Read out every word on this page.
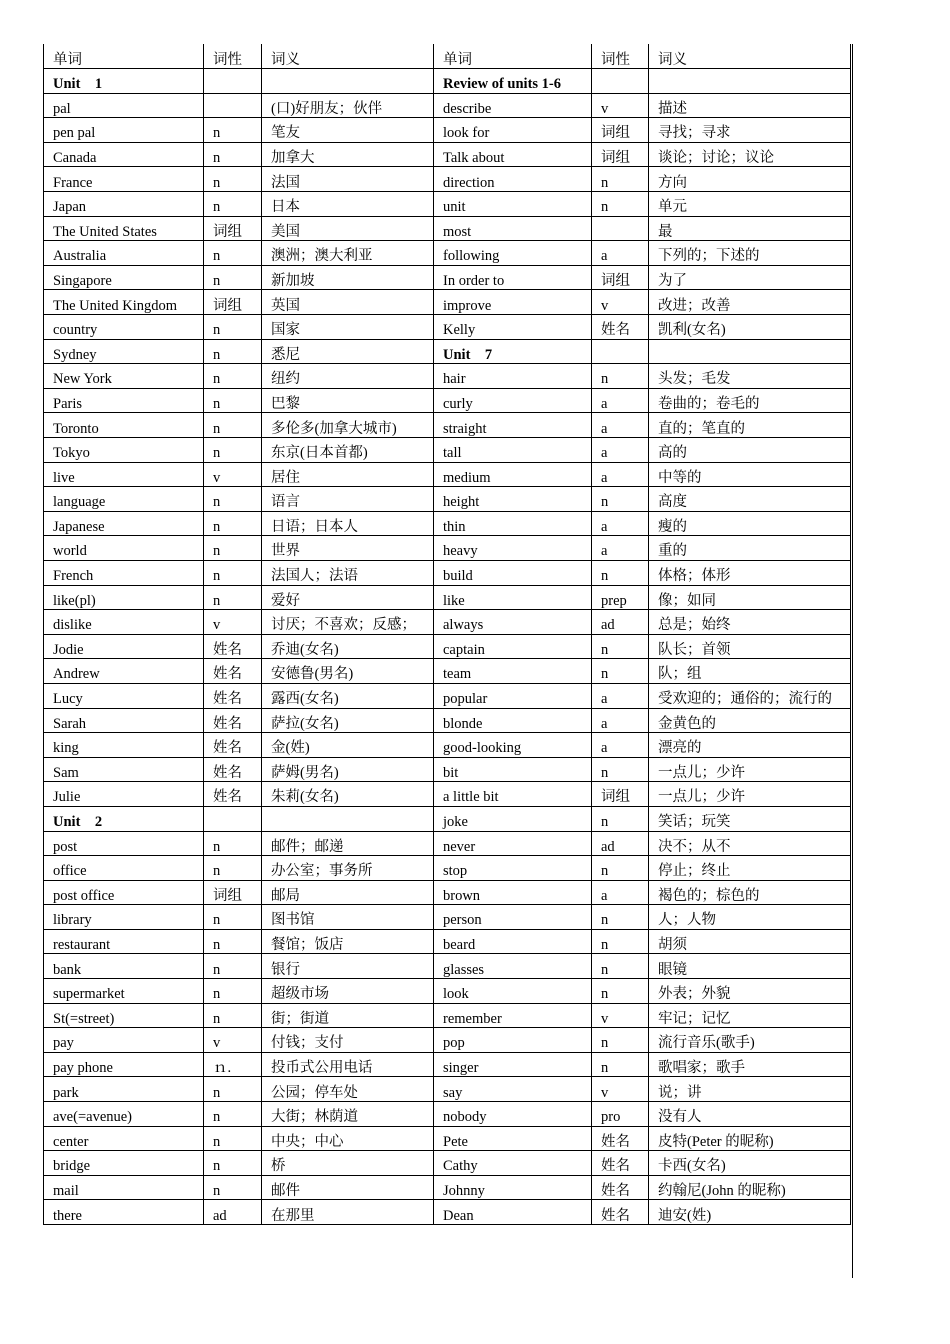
单词	词性	词义	单词	词性	词义
Unit　1			Review of units 1-6		
pal		(口)好朋友；伙伴	describe	v	描述
pen pal	n	笔友	look for	词组	寻找；寻求
Canada	n	加拿大	Talk about	词组	谈论；讨论；议论
France	n	法国	direction	n	方向
Japan	n	日本	unit	n	单元
The United States	词组	美国	most		最
Australia	n	澳洲；澳大利亚	following	a	下列的；下述的
Singapore	n	新加坡	In order to	词组	为了
The United Kingdom	词组	英国	improve	v	改进；改善
country	n	国家	Kelly	姓名	凯利(女名)
Sydney	n	悉尼	Unit　7		
New York	n	纽约	hair	n	头发；毛发
Paris	n	巴黎	curly	a	卷曲的；卷毛的
Toronto	n	多伦多(加拿大城市)	straight	a	直的；笔直的
Tokyo	n	东京(日本首都)	tall	a	高的
live	v	居住	medium	a	中等的
language	n	语言	height	n	高度
Japanese	n	日语；日本人	thin	a	瘦的
world	n	世界	heavy	a	重的
French	n	法国人；法语	build	n	体格；体形
like(pl)	n	爱好	like	prep	像；如同
dislike	v	讨厌；不喜欢；反感；	always	ad	总是；始终
Jodie	姓名	乔迪(女名)	captain	n	队长；首领
Andrew	姓名	安德鲁(男名)	team	n	队；组
Lucy	姓名	露西(女名)	popular	a	受欢迎的；通俗的；流行的
Sarah	姓名	萨拉(女名)	blonde	a	金黄色的
king	姓名	金(姓)	good-looking	a	漂亮的
Sam	姓名	萨姆(男名)	bit	n	一点儿；少许
Julie	姓名	朱莉(女名)	a little bit	词组	一点儿；少许
Unit　2			joke	n	笑话；玩笑
post	n	邮件；邮递	never	ad	决不；从不
office	n	办公室；事务所	stop	n	停止；终止
post office	词组	邮局	brown	a	褐色的；棕色的
library	n	图书馆	person	n	人；人物
restaurant	n	餐馆；饭店	beard	n	胡须
bank	n	银行	glasses	n	眼镜
supermarket	n	超级市场	look	n	外表；外貌
St(=street)	n	街；街道	remember	v	牢记；记忆
pay	v	付钱；支付	pop	n	流行音乐(歌手)
pay phone	ｎ.	投币式公用电话	singer	n	歌唱家；歌手
park	n	公园；停车处	say	v	说；讲
ave(=avenue)	n	大街；林荫道	nobody	pro	没有人
center	n	中央；中心	Pete	姓名	皮特(Peter 的昵称)
bridge	n	桥	Cathy	姓名	卡西(女名)
mail	n	邮件	Johnny	姓名	约翰尼(John 的昵称)
there	ad	在那里	Dean	姓名	迪安(姓)
